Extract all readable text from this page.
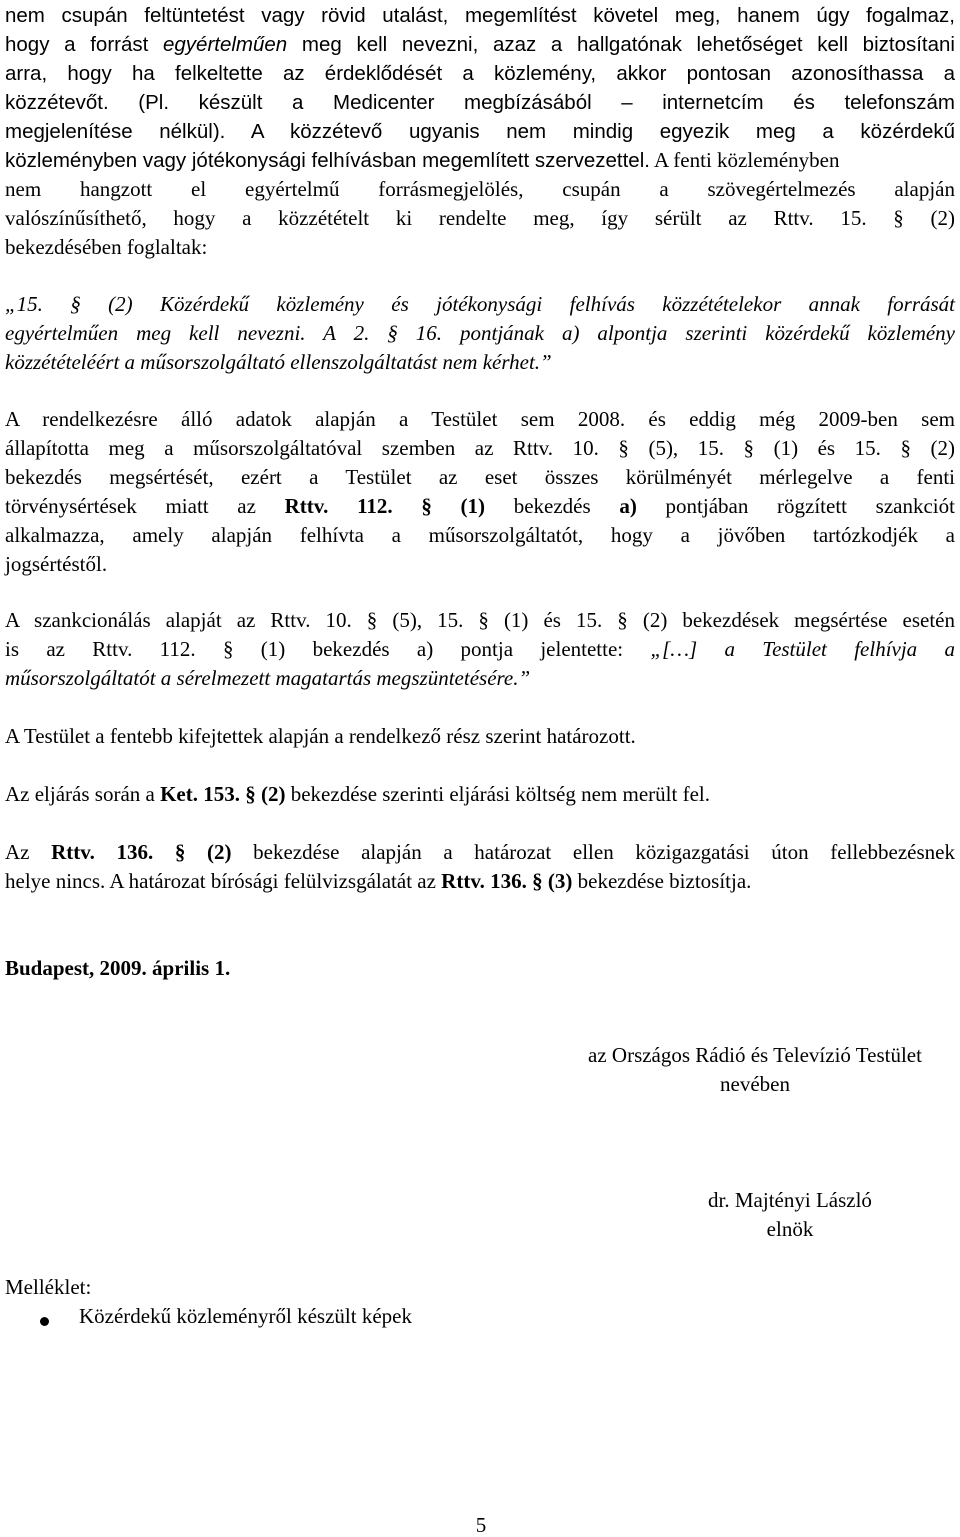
nem csupán feltüntetést vagy rövid utalást, megemlítést követel meg, hanem úgy fogalmaz,
hogy a forrást egyértelműen meg kell nevezni, azaz a hallgatónak lehetőséget kell biztosítani
arra, hogy ha felkeltette az érdeklődését a közlemény, akkor pontosan azonosíthassa a
közzétevőt. (Pl. készült a Medicenter megbízásából – internetcím és telefonszám
megjelenítése nélkül). A közzétevő ugyanis nem mindig egyezik meg a közérdekű
közleményben vagy jótékonysági felhívásban megemlített szervezettel. A fenti közleményben
nem hangzott el egyértelmű forrásmegjelölés, csupán a szövegértelmezés alapján
valószínűsíthető, hogy a közzétételt ki rendelte meg, így sérült az Rttv. 15. § (2)
bekezdésében foglaltak:
„15. § (2) Közérdekű közlemény és jótékonysági felhívás közzétételekor annak forrását
egyértelműen meg kell nevezni. A 2. § 16. pontjának a) alpontja szerinti közérdekű közlemény
közzétételéért a műsorszolgáltató ellenszolgáltatást nem kérhet.”
A rendelkezésre álló adatok alapján a Testület sem 2008. és eddig még 2009-ben sem
állapította meg a műsorszolgáltatóval szemben az Rttv. 10. § (5), 15. § (1) és 15. § (2)
bekezdés megsértését, ezért a Testület az eset összes körülményét mérlegelve a fenti
törvénysértések miatt az Rttv. 112. § (1) bekezdés a) pontjában rögzített szankciót
alkalmazza, amely alapján felhívta a műsorszolgáltatót, hogy a jövőben tartózkodjék a
jogsértéstől.
A szankcionálás alapját az Rttv. 10. § (5), 15. § (1) és 15. § (2) bekezdések megsértése esetén
is az Rttv. 112. § (1) bekezdés a) pontja jelentette: „[…] a Testület felhívja a
műsorszolgáltatót a sérelmezett magatartás megszüntetésére.”
A Testület a fentebb kifejtettek alapján a rendelkező rész szerint határozott.
Az eljárás során a Ket. 153. § (2) bekezdése szerinti eljárási költség nem merült fel.
Az Rttv. 136. § (2) bekezdése alapján a határozat ellen közigazgatási úton fellebbezésnek
helye nincs. A határozat bírósági felülvizsgálatát az Rttv. 136. § (3) bekezdése biztosítja.
Budapest, 2009. április 1.
az Országos Rádió és Televízió Testület
nevében
dr. Majtényi László
elnök
Melléklet:
Közérdekű közleményről készült képek
5
